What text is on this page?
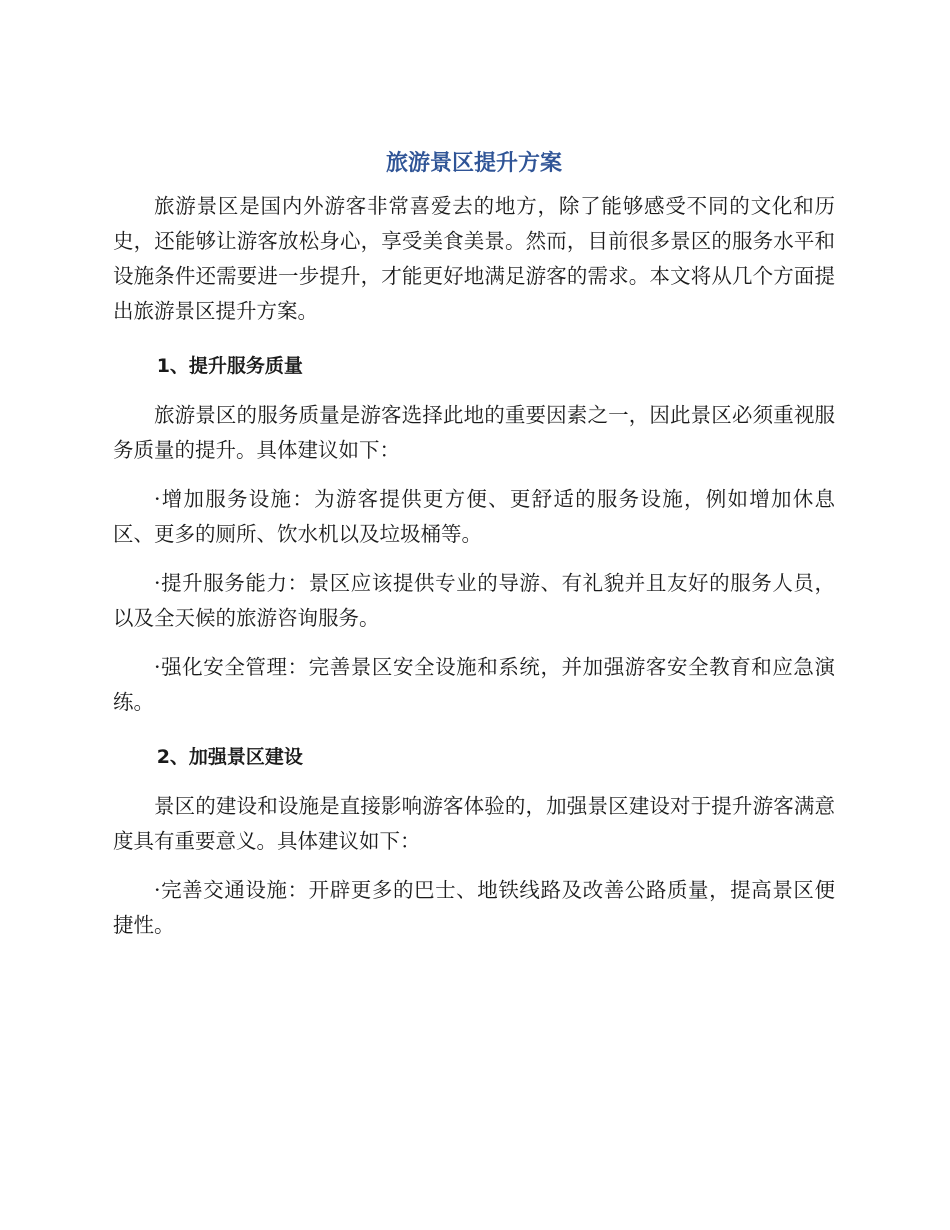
旅游景区提升方案

旅游景区是国内外游客非常喜爱去的地方，除了能够感受不同的文化和历史，还能够让游客放松身心，享受美食美景。然而，目前很多景区的服务水平和设施条件还需要进一步提升，才能更好地满足游客的需求。本文将从几个方面提出旅游景区提升方案。

1、提升服务质量

旅游景区的服务质量是游客选择此地的重要因素之一，因此景区必须重视服务质量的提升。具体建议如下：

·增加服务设施：为游客提供更方便、更舒适的服务设施，例如增加休息区、更多的厕所、饮水机以及垃圾桶等。

·提升服务能力：景区应该提供专业的导游、有礼貌并且友好的服务人员，以及全天候的旅游咨询服务。

·强化安全管理：完善景区安全设施和系统，并加强游客安全教育和应急演练。

2、加强景区建设

景区的建设和设施是直接影响游客体验的，加强景区建设对于提升游客满意度具有重要意义。具体建议如下：

·完善交通设施：开辟更多的巴士、地铁线路及改善公路质量，提高景区便捷性。
